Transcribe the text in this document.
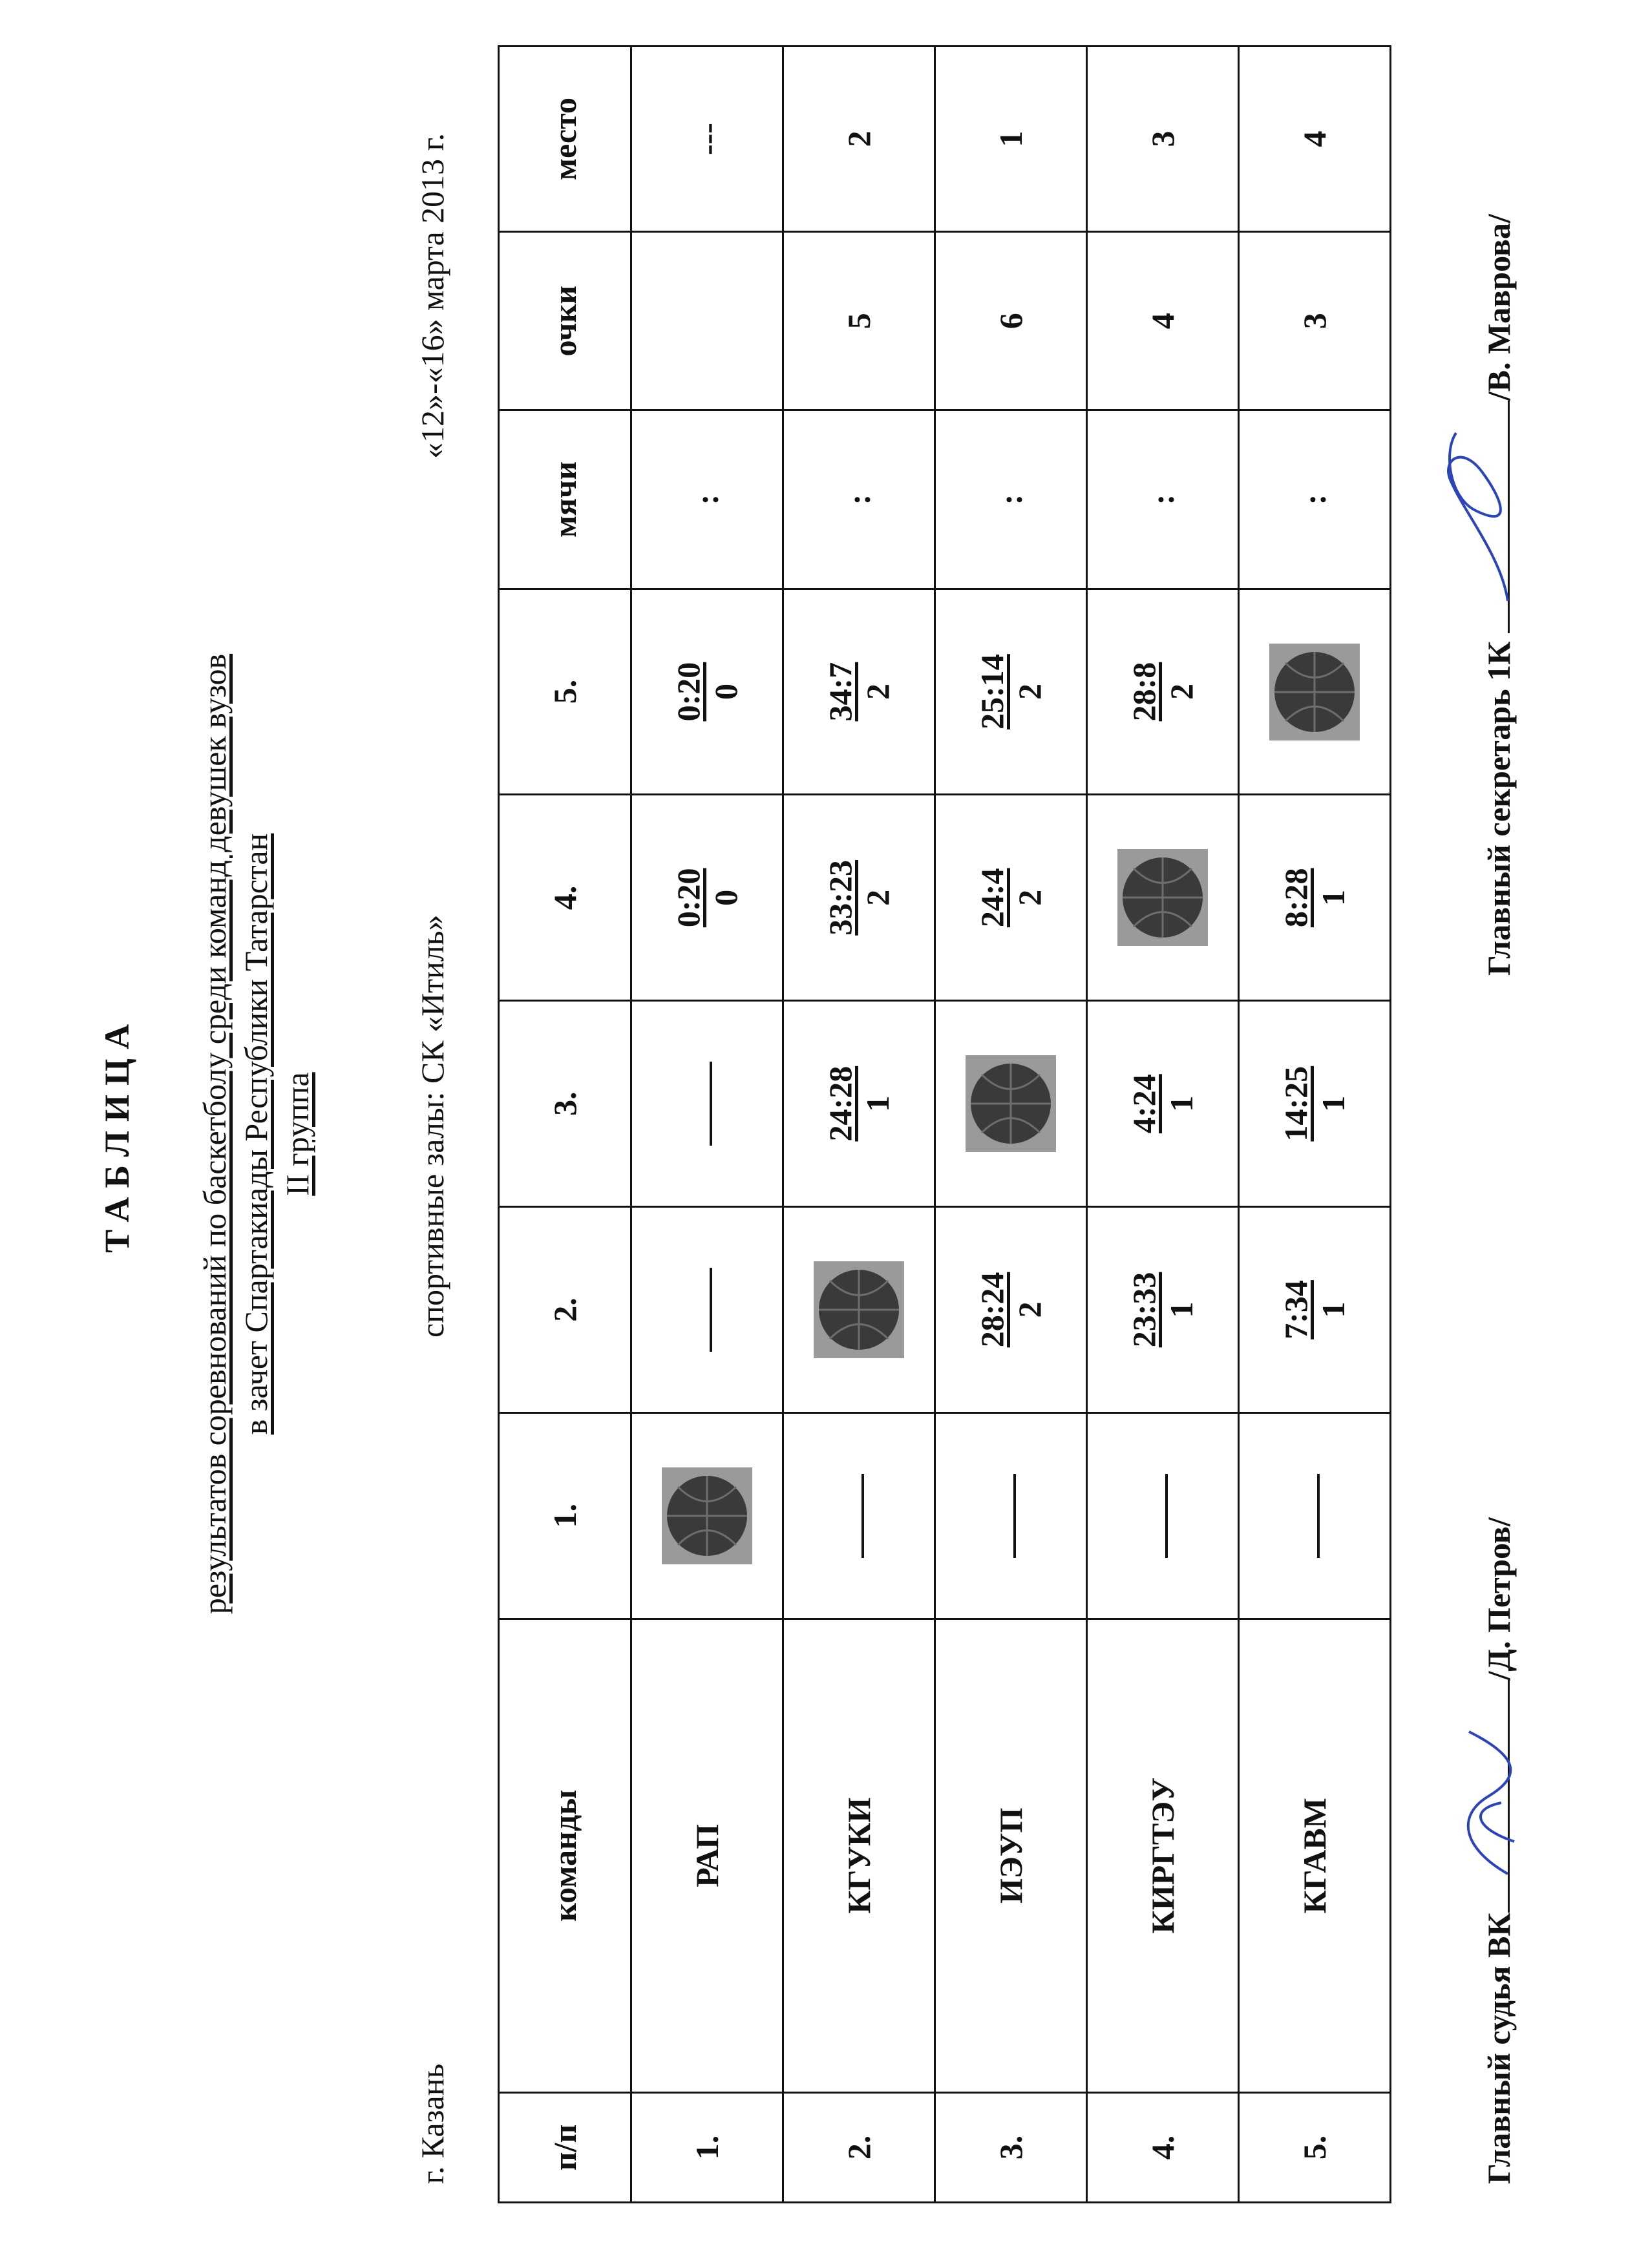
ТАБЛИЦА результатов соревнований по баскетболу среди команд девушек вузов в зачет Спартакиады Республики Татарстан II группа
г. Казань
спортивные залы: СК «Итиль»
«12»-«16» марта 2013 г.
п/п	команды	1.	2.	3.	4.	5.	мячи	очки	место
1.	РАП				0:20 0	0:20 0	:		---
2.	КГУКИ			24:28 1	33:23 2	34:7 2	:	5	2
3.	ИЭУП		28:24 2		24:4 2	25:14 2	:	6	1
4.	КИРГТЭУ		23:33 1	4:24 1		28:8 2	:	4	3
5.	КГАВМ		7:34 1	14:25 1	8:28 1		:	3	4
Главный судья ВК
/Д. Петров/
Главный секретарь 1К
/В. Маврова/
